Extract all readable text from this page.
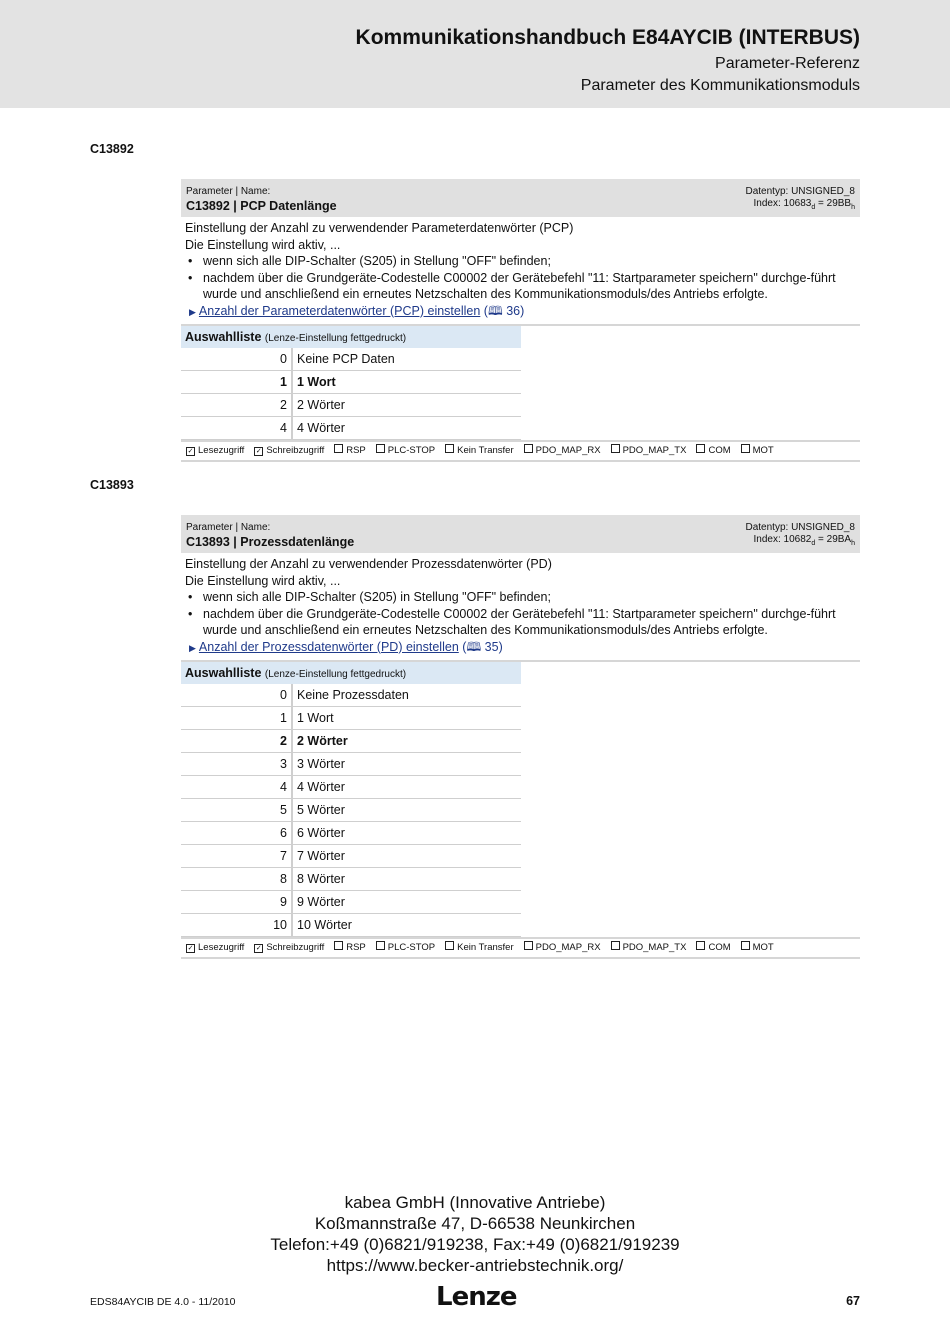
Kommunikationshandbuch E84AYCIB (INTERBUS)
Parameter-Referenz
Parameter des Kommunikationsmoduls
C13892
Parameter | Name:
C13892 | PCP Datenlänge
Datentyp: UNSIGNED_8
Index: $10683_d = 29BB_h$
Einstellung der Anzahl zu verwendender Parameterdatenwörter (PCP)
Die Einstellung wird aktiv, ...
• wenn sich alle DIP-Schalter (S205) in Stellung "OFF" befinden;
• nachdem über die Grundgeräte-Codestelle C00002 der Gerätebefehl "11: Startparameter speichern" durchge-führt wurde und anschließend ein erneutes Netzschalten des Kommunikationsmoduls/des Antriebs erfolgte.
▶ Anzahl der Parameterdatenwörter (PCP) einstellen (🕮 36)
Auswahlliste (Lenze-Einstellung fettgedruckt)
0 Keine PCP Daten
1 1 Wort
2 2 Wörter
4 4 Wörter
✓ Lesezugriff ✓ Schreibzugriff	RSP	PLC-STOP	Kein Transfer	PDO_MAP_RX	PDO_MAP_TX	COM	MOT
C13893
Parameter | Name:
C13893 | Prozessdatenlänge
Datentyp: UNSIGNED_8
Index: $10682_d = 29BA_h$
Einstellung der Anzahl zu verwendender Prozessdatenwörter (PD)
Die Einstellung wird aktiv, ...
• wenn sich alle DIP-Schalter (S205) in Stellung "OFF" befinden;
• nachdem über die Grundgeräte-Codestelle C00002 der Gerätebefehl "11: Startparameter speichern" durchge-führt wurde und anschließend ein erneutes Netzschalten des Kommunikationsmoduls/des Antriebs erfolgte.
▶ Anzahl der Prozessdatenwörter (PD) einstellen (🕮 35)
Auswahlliste (Lenze-Einstellung fettgedruckt)
0 Keine Prozessdaten
1 1 Wort
2 2 Wörter
3 3 Wörter
4 4 Wörter
5 5 Wörter
6 6 Wörter
7 7 Wörter
8 8 Wörter
9 9 Wörter
10 10 Wörter
✓ Lesezugriff ✓ Schreibzugriff	RSP	PLC-STOP	Kein Transfer	PDO_MAP_RX	PDO_MAP_TX	COM	MOT
kabea GmbH (Innovative Antriebe)
Koßmannstraße 47, D-66538 Neunkirchen
Telefon:+49 (0)6821/919238, Fax:+49 (0)6821/919239
https://www.becker-antriebstechnik.org/
EDS84AYCIB DE 4.0 - 11/2010	Lenze	67
